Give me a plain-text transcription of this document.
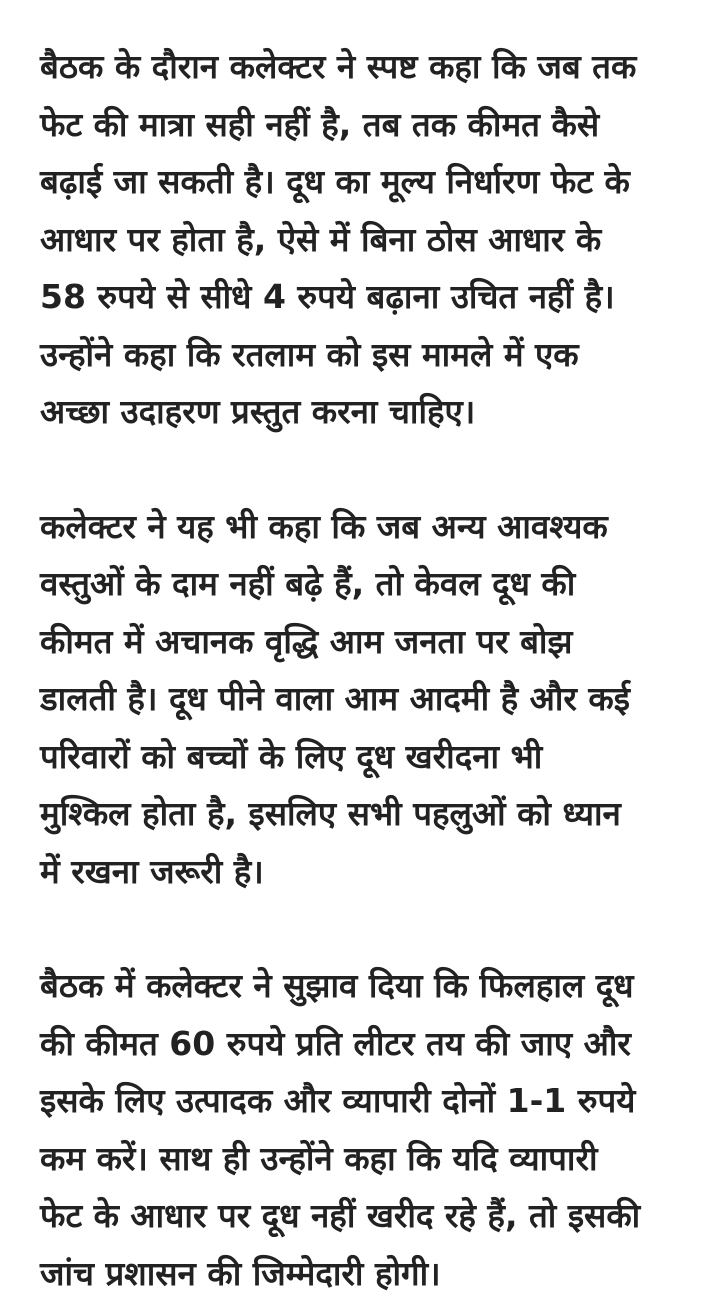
बैठक के दौरान कलेक्टर ने स्पष्ट कहा कि जब तक
फेट की मात्रा सही नहीं है, तब तक कीमत कैसे
बढ़ाई जा सकती है। दूध का मूल्य निर्धारण फेट के
आधार पर होता है, ऐसे में बिना ठोस आधार के
58 रुपये से सीधे 4 रुपये बढ़ाना उचित नहीं है।
उन्होंने कहा कि रतलाम को इस मामले में एक
अच्छा उदाहरण प्रस्तुत करना चाहिए।

कलेक्टर ने यह भी कहा कि जब अन्य आवश्यक
वस्तुओं के दाम नहीं बढ़े हैं, तो केवल दूध की
कीमत में अचानक वृद्धि आम जनता पर बोझ
डालती है। दूध पीने वाला आम आदमी है और कई
परिवारों को बच्चों के लिए दूध खरीदना भी
मुश्किल होता है, इसलिए सभी पहलुओं को ध्यान
में रखना जरूरी है।

बैठक में कलेक्टर ने सुझाव दिया कि फिलहाल दूध
की कीमत 60 रुपये प्रति लीटर तय की जाए और
इसके लिए उत्पादक और व्यापारी दोनों 1-1 रुपये
कम करें। साथ ही उन्होंने कहा कि यदि व्यापारी
फेट के आधार पर दूध नहीं खरीद रहे हैं, तो इसकी
जांच प्रशासन की जिम्मेदारी होगी।
